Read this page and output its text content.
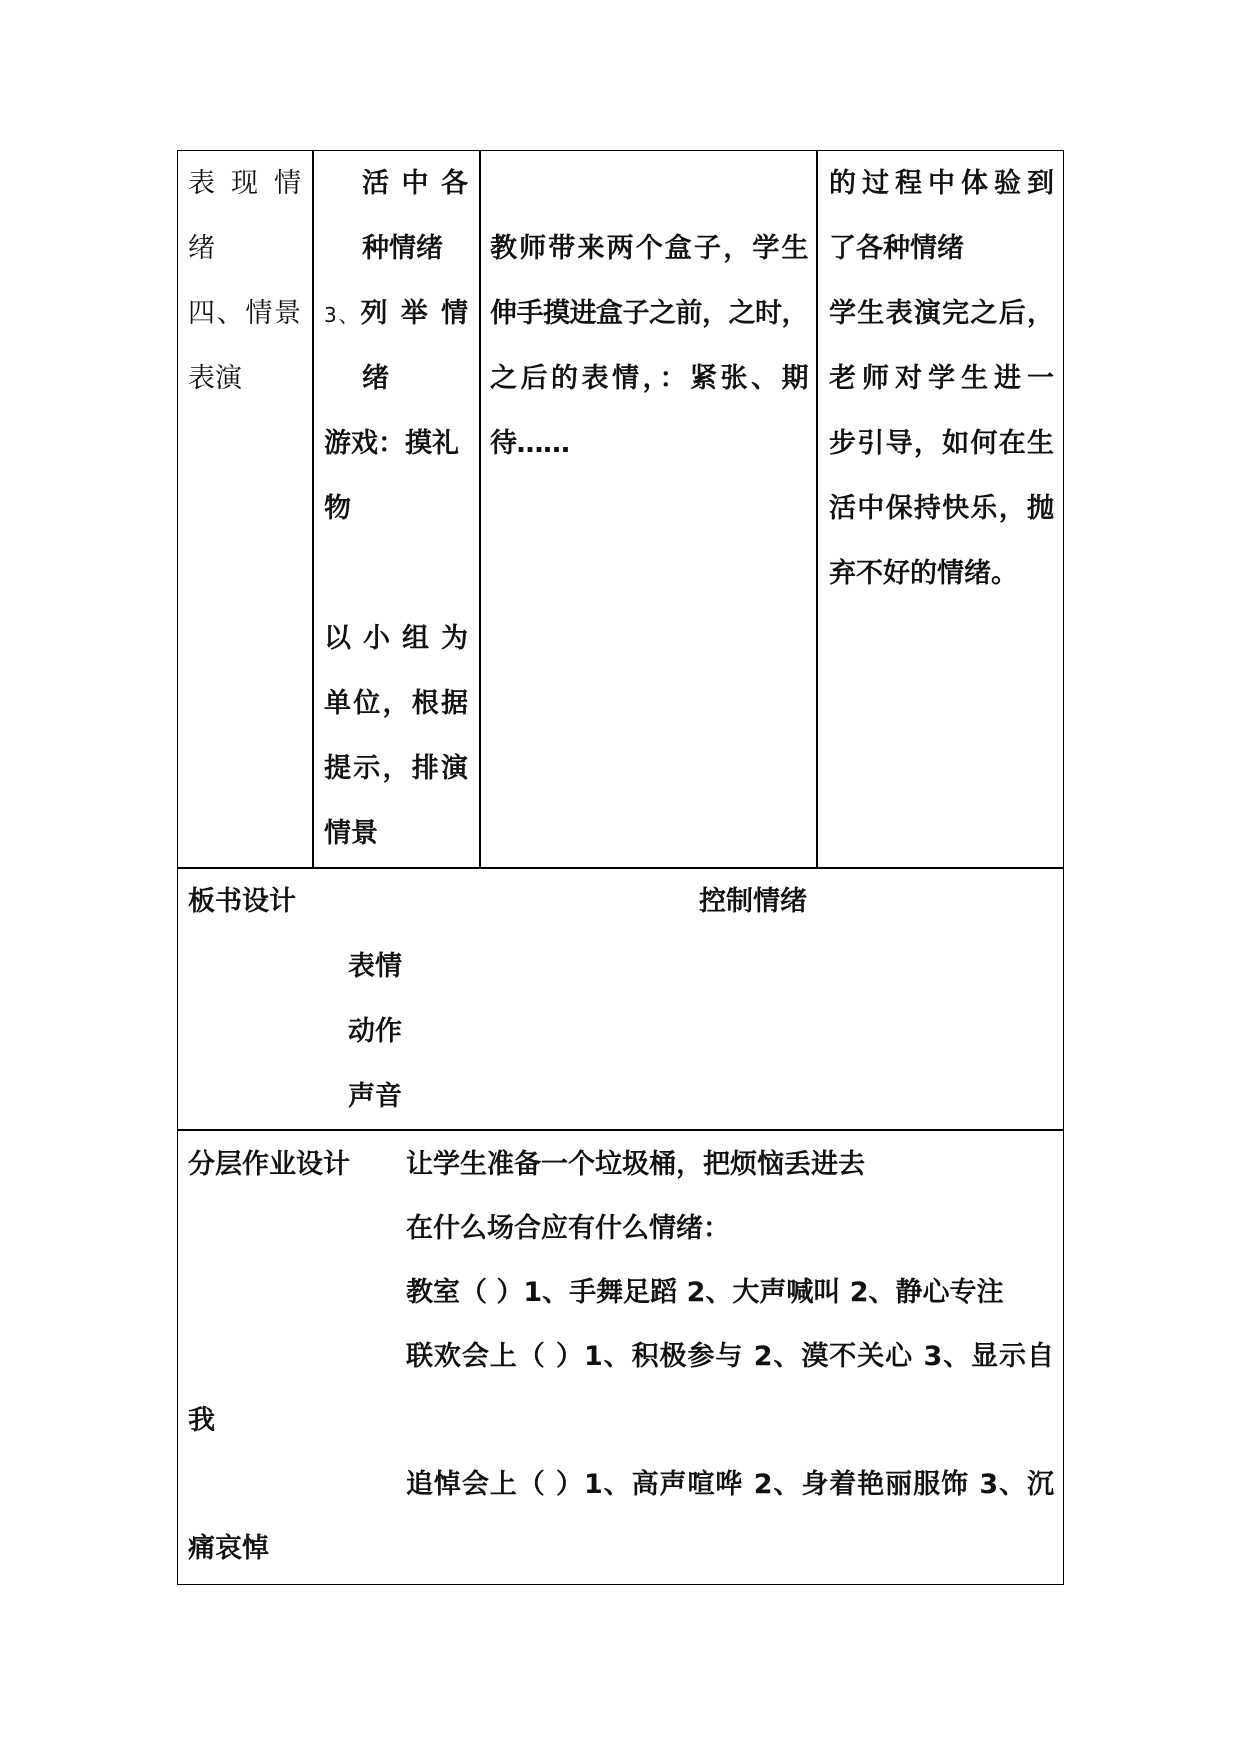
表 现 情
绪
四、情景
表演
活 中 各
种情绪
3、列 举 情
绪
游戏：摸礼
物
以 小 组 为
单位，根据
提示，排演
情景
教师带来两个盒子，学生
伸手摸进盒子之前，之时，
之后的表情，：紧张、期
待……
的过程中体验到
了各种情绪
学生表演完之后，
老师对学生进一
步引导，如何在生
活中保持快乐，抛
弃不好的情绪。
板书设计	控制情绪
表情
动作
声音
分层作业设计	让学生准备一个垃圾桶，把烦恼丢进去
在什么场合应有什么情绪：
教室（ ）1、手舞足蹈 2、大声喊叫 2、静心专注
联欢会上（ ）1、积极参与 2、漠不关心 3、显示自
我
追悼会上（ ）1、高声喧哗 2、身着艳丽服饰 3、沉
痛哀悼
